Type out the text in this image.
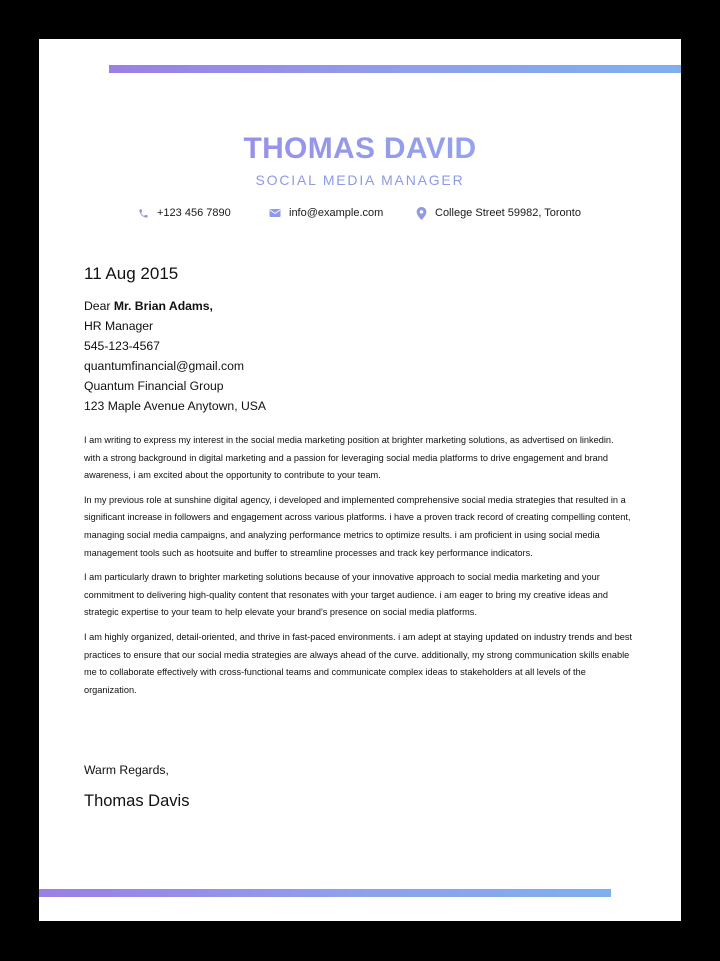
THOMAS DAVID
SOCIAL MEDIA MANAGER
+123 456 7890	info@example.com	College Street 59982, Toronto
11 Aug 2015
Dear Mr. Brian Adams,
HR Manager
545-123-4567
quantumfinancial@gmail.com
Quantum Financial Group
123 Maple Avenue Anytown, USA

I am writing to express my interest in the social media marketing position at brighter marketing solutions, as advertised on linkedin. with a strong background in digital marketing and a passion for leveraging social media platforms to drive engagement and brand awareness, i am excited about the opportunity to contribute to your team.

In my previous role at sunshine digital agency, i developed and implemented comprehensive social media strategies that resulted in a significant increase in followers and engagement across various platforms. i have a proven track record of creating compelling content, managing social media campaigns, and analyzing performance metrics to optimize results. i am proficient in using social media management tools such as hootsuite and buffer to streamline processes and track key performance indicators.

I am particularly drawn to brighter marketing solutions because of your innovative approach to social media marketing and your commitment to delivering high-quality content that resonates with your target audience. i am eager to bring my creative ideas and strategic expertise to your team to help elevate your brand's presence on social media platforms.

I am highly organized, detail-oriented, and thrive in fast-paced environments. i am adept at staying updated on industry trends and best practices to ensure that our social media strategies are always ahead of the curve. additionally, my strong communication skills enable me to collaborate effectively with cross-functional teams and communicate complex ideas to stakeholders at all levels of the organization.

Warm Regards,
Thomas Davis
